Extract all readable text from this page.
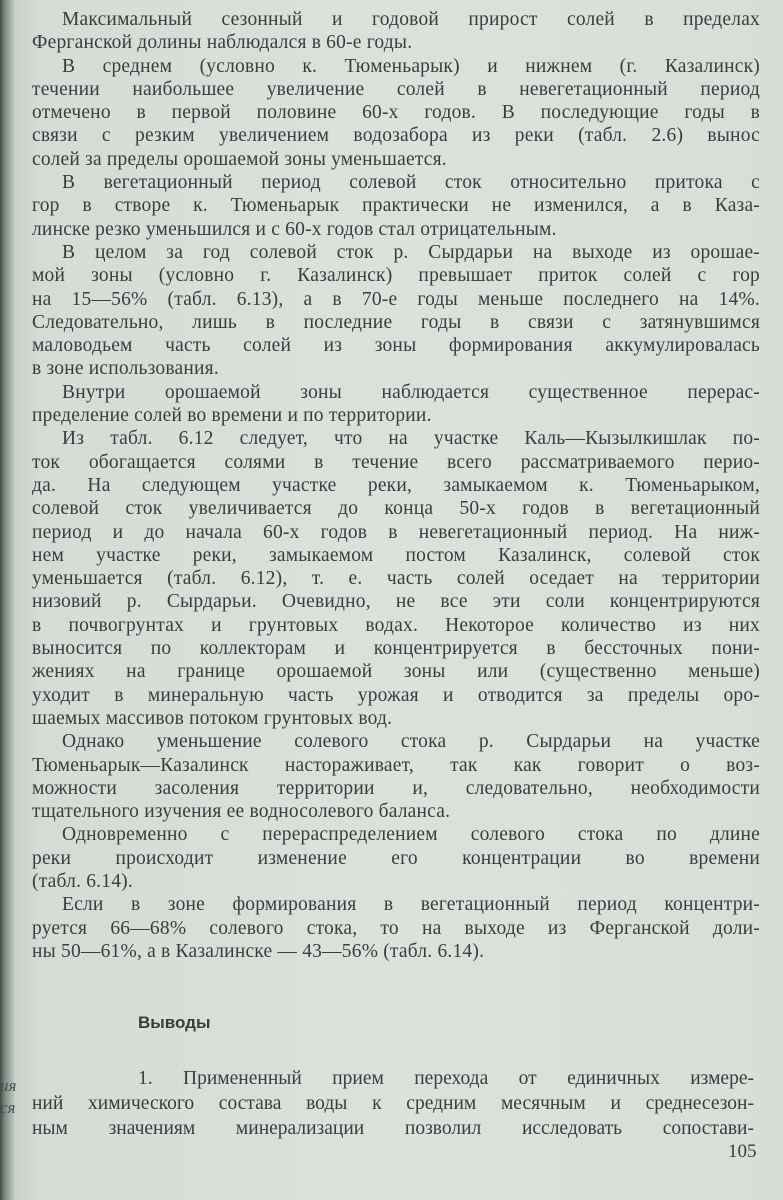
ия
ся

Максимальный сезонный и годовой прирост солей в пределах
Ферганской долины наблюдался в 60-е годы.

В среднем (условно к. Тюменьарык) и нижнем (г. Казалинск)
течении наибольшее увеличение солей в невегетационный период
отмечено в первой половине 60-х годов. В последующие годы в
связи с резким увеличением водозабора из реки (табл. 2.6) вынос
солей за пределы орошаемой зоны уменьшается.

В вегетационный период солевой сток относительно притока с
гор в створе к. Тюменьарык практически не изменился, а в Каза-
линске резко уменьшился и с 60-х годов стал отрицательным.

В целом за год солевой сток р. Сырдарьи на выходе из орошае-
мой зоны (условно г. Казалинск) превышает приток солей с гор
на 15—56% (табл. 6.13), а в 70-е годы меньше последнего на 14%.
Следовательно, лишь в последние годы в связи с затянувшимся
маловодьем часть солей из зоны формирования аккумулировалась
в зоне использования.

Внутри орошаемой зоны наблюдается существенное перерас-
пределение солей во времени и по территории.

Из табл. 6.12 следует, что на участке Каль—Кызылкишлак по-
ток обогащается солями в течение всего рассматриваемого перио-
да. На следующем участке реки, замыкаемом к. Тюменьарыком,
солевой сток увеличивается до конца 50-х годов в вегетационный
период и до начала 60-х годов в невегетационный период. На ниж-
нем участке реки, замыкаемом постом Казалинск, солевой сток
уменьшается (табл. 6.12), т. е. часть солей оседает на территории
низовий р. Сырдарьи. Очевидно, не все эти соли концентрируются
в почвогрунтах и грунтовых водах. Некоторое количество из них
выносится по коллекторам и концентрируется в бессточных пони-
жениях на границе орошаемой зоны или (существенно меньше)
уходит в минеральную часть урожая и отводится за пределы оро-
шаемых массивов потоком грунтовых вод.

Однако уменьшение солевого стока р. Сырдарьи на участке
Тюменьарык—Казалинск настораживает, так как говорит о воз-
можности засоления территории и, следовательно, необходимости
тщательного изучения ее водносолевого баланса.

Одновременно с перераспределением солевого стока по длине
реки происходит изменение его концентрации во времени
(табл. 6.14).

Если в зоне формирования в вегетационный период концентри-
руется 66—68% солевого стока, то на выходе из Ферганской доли-
ны 50—61%, а в Казалинске — 43—56% (табл. 6.14).

Выводы

1. Примененный прием перехода от единичных измере-
ний химического состава воды к средним месячным и среднесезон-
ным значениям минерализации позволил исследовать сопостави-

105
